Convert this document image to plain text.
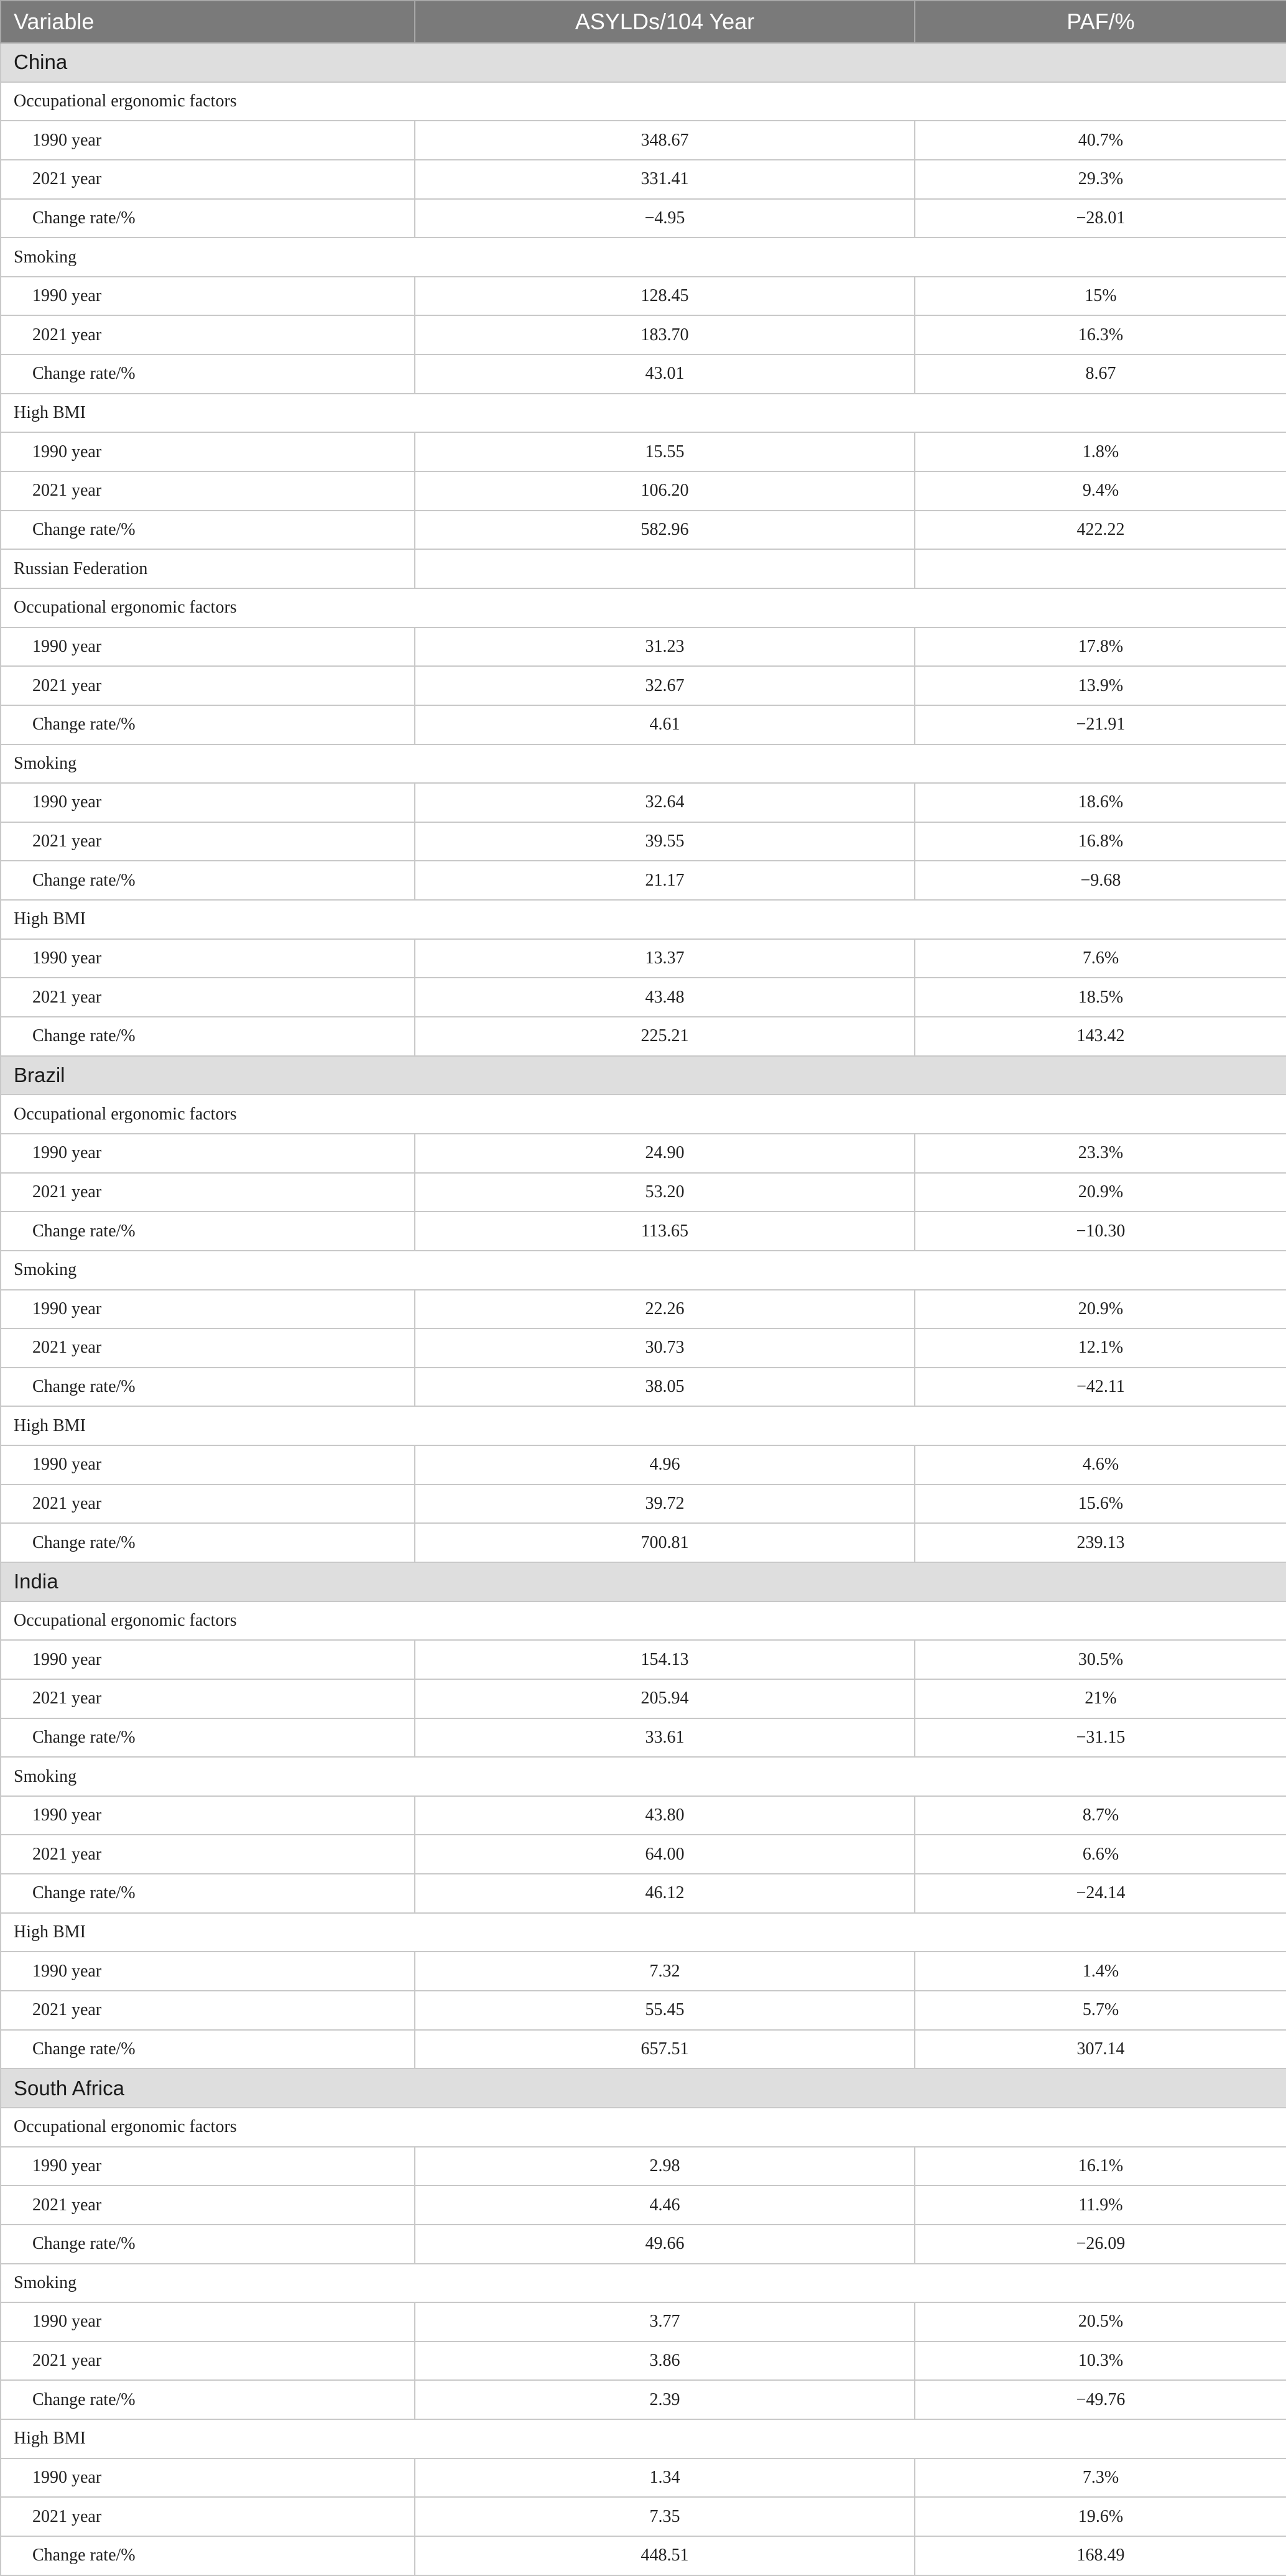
Variable	ASYLDs/104 Year	PAF/%
China		
Occupational ergonomic factors		
1990 year	348.67	40.7%
2021 year	331.41	29.3%
Change rate/%	−4.95	−28.01
Smoking		
1990 year	128.45	15%
2021 year	183.70	16.3%
Change rate/%	43.01	8.67
High BMI		
1990 year	15.55	1.8%
2021 year	106.20	9.4%
Change rate/%	582.96	422.22
Russian Federation		
Occupational ergonomic factors		
1990 year	31.23	17.8%
2021 year	32.67	13.9%
Change rate/%	4.61	−21.91
Smoking		
1990 year	32.64	18.6%
2021 year	39.55	16.8%
Change rate/%	21.17	−9.68
High BMI		
1990 year	13.37	7.6%
2021 year	43.48	18.5%
Change rate/%	225.21	143.42
Brazil		
Occupational ergonomic factors		
1990 year	24.90	23.3%
2021 year	53.20	20.9%
Change rate/%	113.65	−10.30
Smoking		
1990 year	22.26	20.9%
2021 year	30.73	12.1%
Change rate/%	38.05	−42.11
High BMI		
1990 year	4.96	4.6%
2021 year	39.72	15.6%
Change rate/%	700.81	239.13
India		
Occupational ergonomic factors		
1990 year	154.13	30.5%
2021 year	205.94	21%
Change rate/%	33.61	−31.15
Smoking		
1990 year	43.80	8.7%
2021 year	64.00	6.6%
Change rate/%	46.12	−24.14
High BMI		
1990 year	7.32	1.4%
2021 year	55.45	5.7%
Change rate/%	657.51	307.14
South Africa		
Occupational ergonomic factors		
1990 year	2.98	16.1%
2021 year	4.46	11.9%
Change rate/%	49.66	−26.09
Smoking		
1990 year	3.77	20.5%
2021 year	3.86	10.3%
Change rate/%	2.39	−49.76
High BMI		
1990 year	1.34	7.3%
2021 year	7.35	19.6%
Change rate/%	448.51	168.49
